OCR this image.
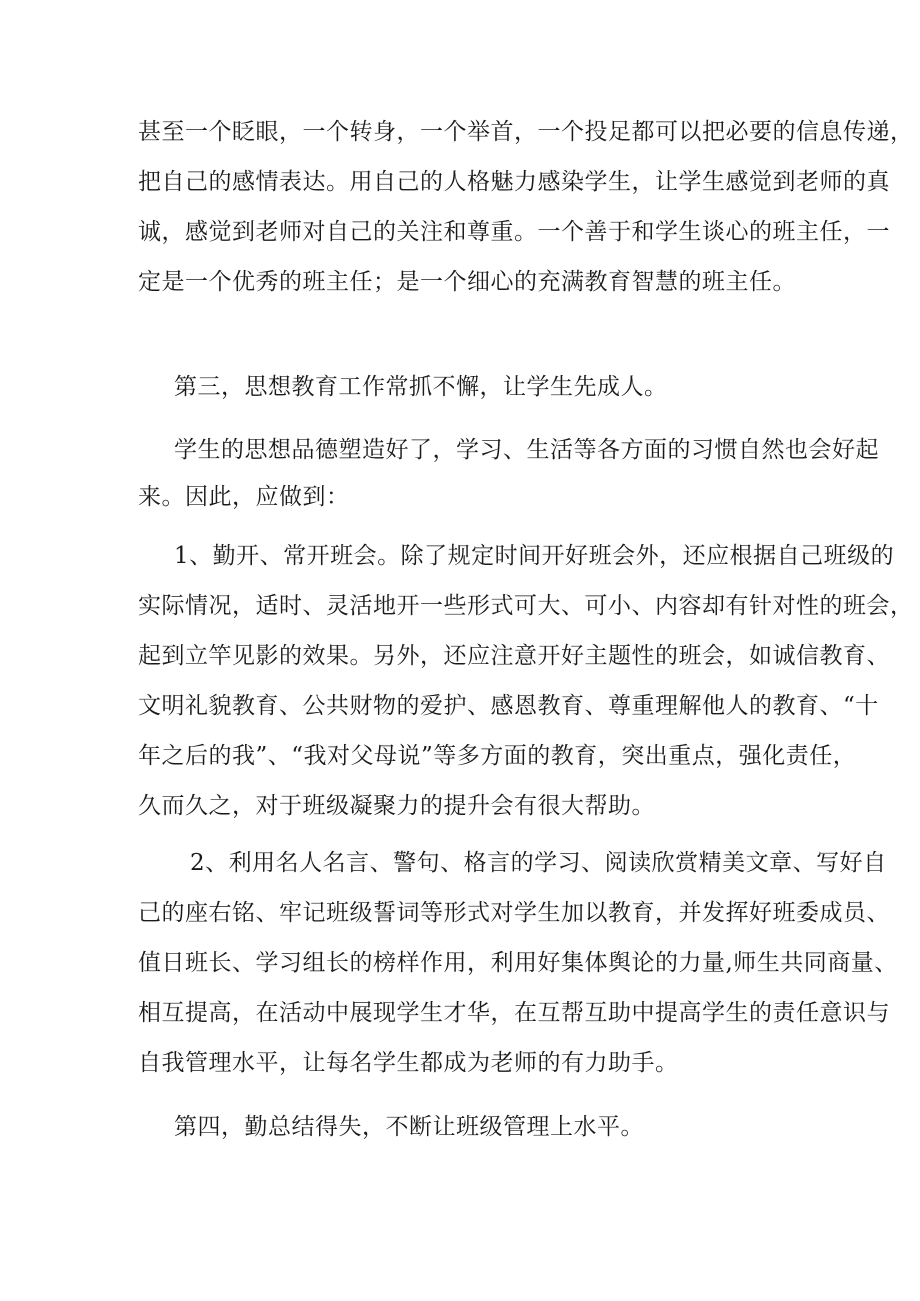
甚至一个眨眼，一个转身，一个举首，一个投足都可以把必要的信息传递，
把自己的感情表达。用自己的人格魅力感染学生，让学生感觉到老师的真
诚，感觉到老师对自己的关注和尊重。一个善于和学生谈心的班主任，一
定是一个优秀的班主任；是一个细心的充满教育智慧的班主任。
第三，思想教育工作常抓不懈，让学生先成人。
学生的思想品德塑造好了，学习、生活等各方面的习惯自然也会好起
来。因此，应做到：
1、勤开、常开班会。除了规定时间开好班会外，还应根据自己班级的
实际情况，适时、灵活地开一些形式可大、可小、内容却有针对性的班会，
起到立竿见影的效果。另外，还应注意开好主题性的班会，如诚信教育、
文明礼貌教育、公共财物的爱护、感恩教育、尊重理解他人的教育、“十
年之后的我”、“我对父母说”等多方面的教育，突出重点，强化责任，
久而久之，对于班级凝聚力的提升会有很大帮助。
2、利用名人名言、警句、格言的学习、阅读欣赏精美文章、写好自
己的座右铭、牢记班级誓词等形式对学生加以教育，并发挥好班委成员、
值日班长、学习组长的榜样作用，利用好集体舆论的力量,师生共同商量、
相互提高，在活动中展现学生才华，在互帮互助中提高学生的责任意识与
自我管理水平，让每名学生都成为老师的有力助手。
第四，勤总结得失，不断让班级管理上水平。
